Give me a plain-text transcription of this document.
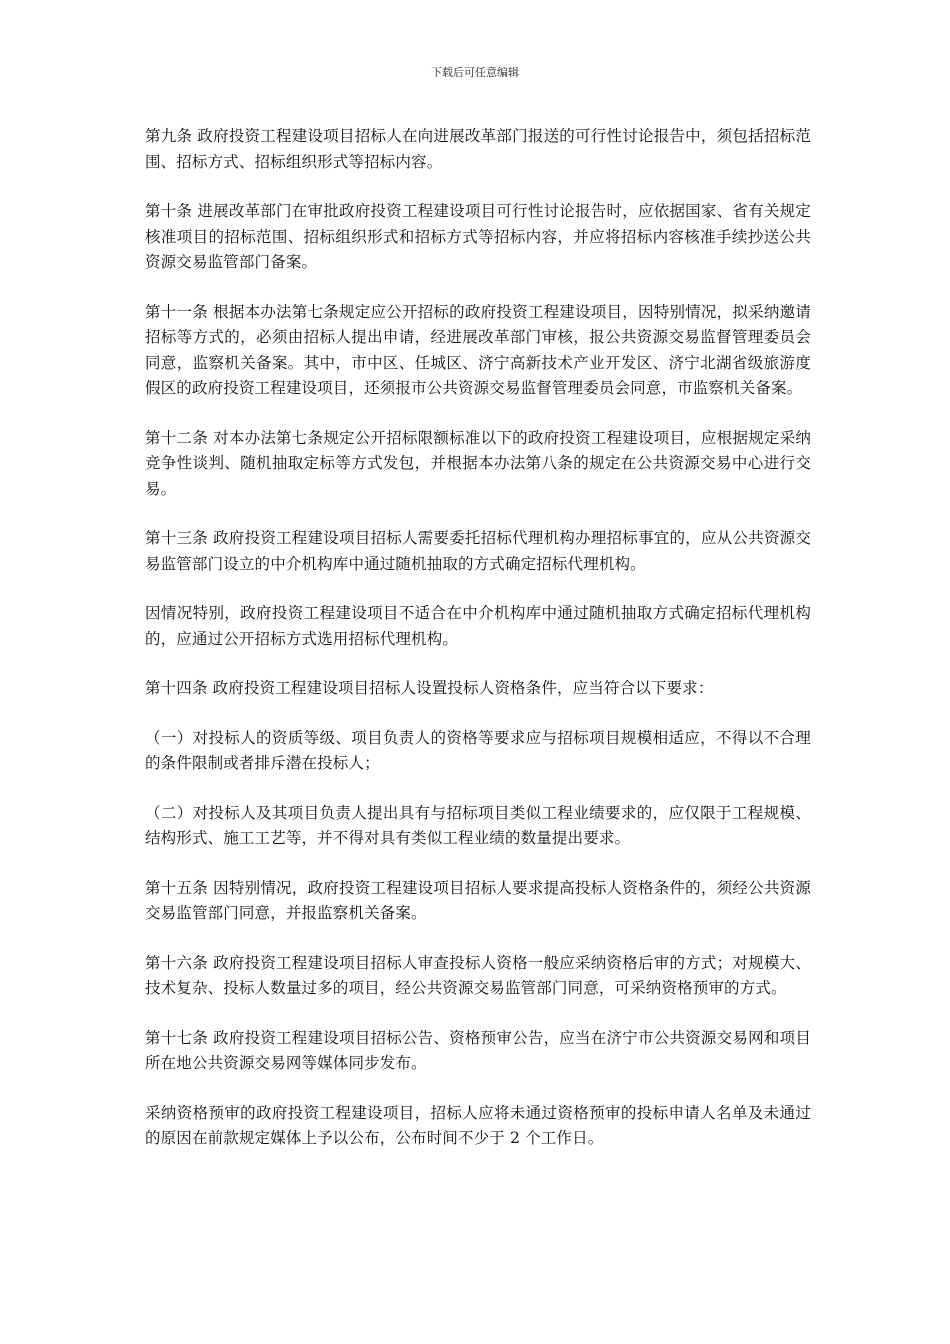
下载后可任意编辑

第九条 政府投资工程建设项目招标人在向进展改革部门报送的可行性讨论报告中，须包括招标范围、招标方式、招标组织形式等招标内容。

第十条 进展改革部门在审批政府投资工程建设项目可行性讨论报告时，应依据国家、省有关规定核准项目的招标范围、招标组织形式和招标方式等招标内容，并应将招标内容核准手续抄送公共资源交易监管部门备案。

第十一条 根据本办法第七条规定应公开招标的政府投资工程建设项目，因特别情况，拟采纳邀请招标等方式的，必须由招标人提出申请，经进展改革部门审核，报公共资源交易监督管理委员会同意，监察机关备案。其中，市中区、任城区、济宁高新技术产业开发区、济宁北湖省级旅游度假区的政府投资工程建设项目，还须报市公共资源交易监督管理委员会同意，市监察机关备案。

第十二条 对本办法第七条规定公开招标限额标准以下的政府投资工程建设项目，应根据规定采纳竞争性谈判、随机抽取定标等方式发包，并根据本办法第八条的规定在公共资源交易中心进行交易。

第十三条 政府投资工程建设项目招标人需要委托招标代理机构办理招标事宜的，应从公共资源交易监管部门设立的中介机构库中通过随机抽取的方式确定招标代理机构。

因情况特别，政府投资工程建设项目不适合在中介机构库中通过随机抽取方式确定招标代理机构的，应通过公开招标方式选用招标代理机构。

第十四条 政府投资工程建设项目招标人设置投标人资格条件，应当符合以下要求：

（一）对投标人的资质等级、项目负责人的资格等要求应与招标项目规模相适应，不得以不合理的条件限制或者排斥潜在投标人；

（二）对投标人及其项目负责人提出具有与招标项目类似工程业绩要求的，应仅限于工程规模、结构形式、施工工艺等，并不得对具有类似工程业绩的数量提出要求。

第十五条 因特别情况，政府投资工程建设项目招标人要求提高投标人资格条件的，须经公共资源交易监管部门同意，并报监察机关备案。

第十六条 政府投资工程建设项目招标人审查投标人资格一般应采纳资格后审的方式；对规模大、技术复杂、投标人数量过多的项目，经公共资源交易监管部门同意，可采纳资格预审的方式。

第十七条 政府投资工程建设项目招标公告、资格预审公告，应当在济宁市公共资源交易网和项目所在地公共资源交易网等媒体同步发布。

采纳资格预审的政府投资工程建设项目，招标人应将未通过资格预审的投标申请人名单及未通过的原因在前款规定媒体上予以公布，公布时间不少于 2 个工作日。
